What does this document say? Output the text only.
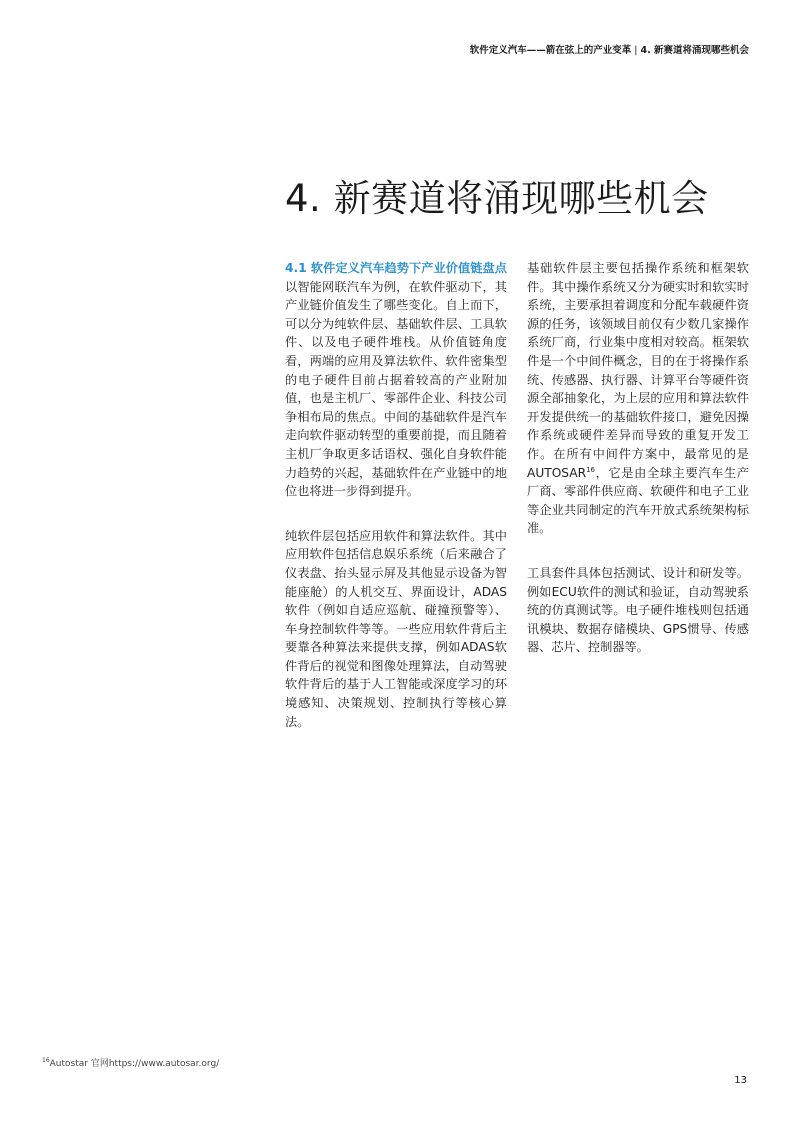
软件定义汽车——箭在弦上的产业变革 | 4. 新赛道将涌现哪些机会
4. 新赛道将涌现哪些机会

4.1 软件定义汽车趋势下产业价值链盘点以智能网联汽车为例，在软件驱动下，其产业链价值发生了哪些变化。自上而下，可以分为纯软件层、基础软件层、工具软件、以及电子硬件堆栈。从价值链角度看，两端的应用及算法软件、软件密集型的电子硬件目前占据着较高的产业附加值，也是主机厂、零部件企业、科技公司争相布局的焦点。中间的基础软件是汽车走向软件驱动转型的重要前提，而且随着主机厂争取更多话语权、强化自身软件能力趋势的兴起，基础软件在产业链中的地位也将进一步得到提升。

纯软件层包括应用软件和算法软件。其中应用软件包括信息娱乐系统（后来融合了仪表盘、抬头显示屏及其他显示设备为智能座舱）的人机交互、界面设计，ADAS软件（例如自适应巡航、碰撞预警等）、车身控制软件等等。一些应用软件背后主要靠各种算法来提供支撑，例如ADAS软件背后的视觉和图像处理算法，自动驾驶软件背后的基于人工智能或深度学习的环境感知、决策规划、控制执行等核心算法。

基础软件层主要包括操作系统和框架软件。其中操作系统又分为硬实时和软实时系统，主要承担着调度和分配车载硬件资源的任务，该领域目前仅有少数几家操作系统厂商，行业集中度相对较高。框架软件是一个中间件概念，目的在于将操作系统、传感器、执行器、计算平台等硬件资源全部抽象化，为上层的应用和算法软件开发提供统一的基础软件接口，避免因操作系统或硬件差异而导致的重复开发工作。在所有中间件方案中，最常见的是AUTOSAR$^{16}$，它是由全球主要汽车生产厂商、零部件供应商、软硬件和电子工业等企业共同制定的汽车开放式系统架构标准。

工具套件具体包括测试、设计和研发等。例如ECU软件的测试和验证，自动驾驶系统的仿真测试等。电子硬件堆栈则包括通讯模块、数据存储模块、GPS惯导、传感器、芯片、控制器等。

$^{16}$Autostar 官网https://www.autosar.org/
13
